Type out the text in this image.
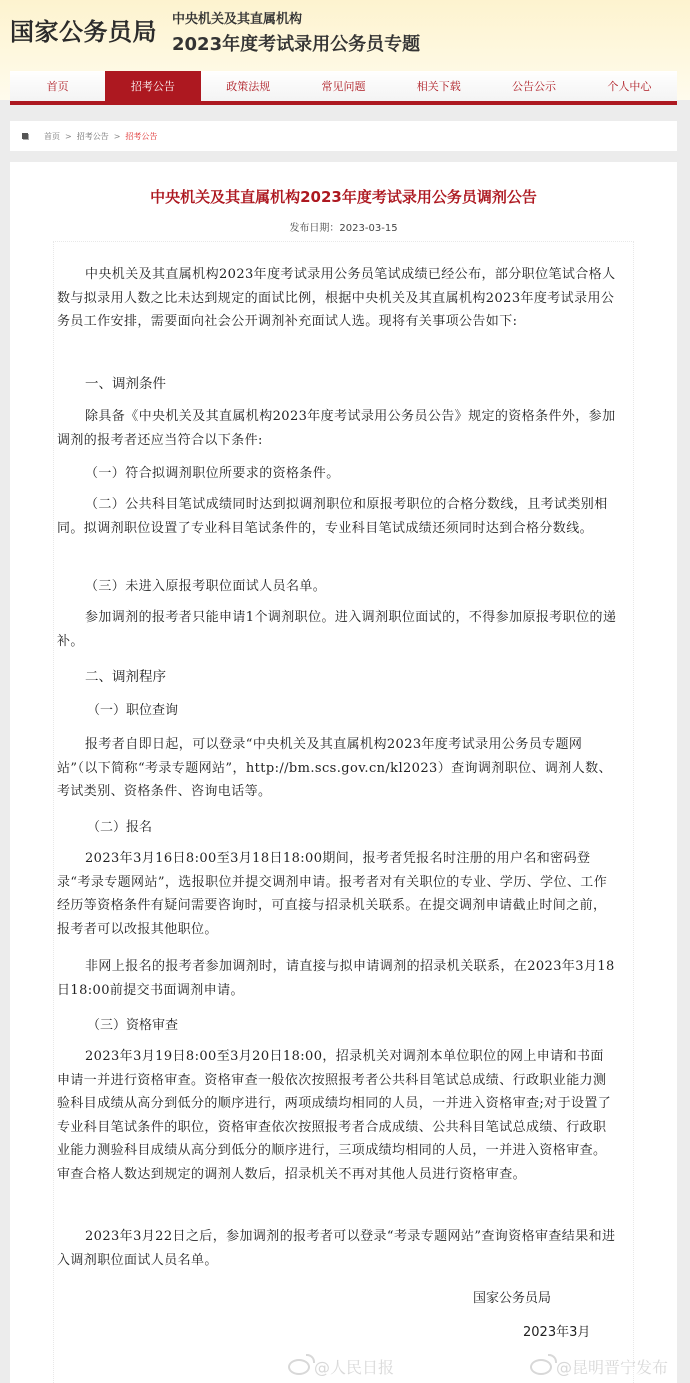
国家公务员局 中央机关及其直属机构
2023年度考试录用公务员专题
首页	招考公告	政策法规	常见问题	相关下载	公告公示	个人中心
首页 > 招考公告 > 招考公告
中央机关及其直属机构2023年度考试录用公务员调剂公告
发布日期：2023-03-15
中央机关及其直属机构2023年度考试录用公务员笔试成绩已经公布，部分职位笔试合格人数与拟录用人数之比未达到规定的面试比例，根据中央机关及其直属机构2023年度考试录用公务员工作安排，需要面向社会公开调剂补充面试人选。现将有关事项公告如下:
一、调剂条件
除具备《中央机关及其直属机构2023年度考试录用公务员公告》规定的资格条件外，参加调剂的报考者还应当符合以下条件:
（一）符合拟调剂职位所要求的资格条件。
（二）公共科目笔试成绩同时达到拟调剂职位和原报考职位的合格分数线，且考试类别相同。拟调剂职位设置了专业科目笔试条件的，专业科目笔试成绩还须同时达到合格分数线。
（三）未进入原报考职位面试人员名单。
参加调剂的报考者只能申请1个调剂职位。进入调剂职位面试的，不得参加原报考职位的递补。
二、调剂程序
（一）职位查询
报考者自即日起，可以登录“中央机关及其直属机构2023年度考试录用公务员专题网站”（以下简称“考录专题网站”，http://bm.scs.gov.cn/kl2023）查询调剂职位、调剂人数、考试类别、资格条件、咨询电话等。
（二）报名
2023年3月16日8:00至3月18日18:00期间，报考者凭报名时注册的用户名和密码登录“考录专题网站”，选报职位并提交调剂申请。报考者对有关职位的专业、学历、学位、工作经历等资格条件有疑问需要咨询时，可直接与招录机关联系。在提交调剂申请截止时间之前，报考者可以改报其他职位。
非网上报名的报考者参加调剂时，请直接与拟申请调剂的招录机关联系，在2023年3月18日18:00前提交书面调剂申请。
（三）资格审查
2023年3月19日8:00至3月20日18:00，招录机关对调剂本单位职位的网上申请和书面申请一并进行资格审查。资格审查一般依次按照报考者公共科目笔试总成绩、行政职业能力测验科目成绩从高分到低分的顺序进行，两项成绩均相同的人员，一并进入资格审查;对于设置了专业科目笔试条件的职位，资格审查依次按照报考者合成成绩、公共科目笔试总成绩、行政职业能力测验科目成绩从高分到低分的顺序进行，三项成绩均相同的人员，一并进入资格审查。审查合格人数达到规定的调剂人数后，招录机关不再对其他人员进行资格审查。
2023年3月22日之后，参加调剂的报考者可以登录“考录专题网站”查询资格审查结果和进入调剂职位面试人员名单。
国家公务员局
2023年3月
@人民日报	@昆明晋宁发布
